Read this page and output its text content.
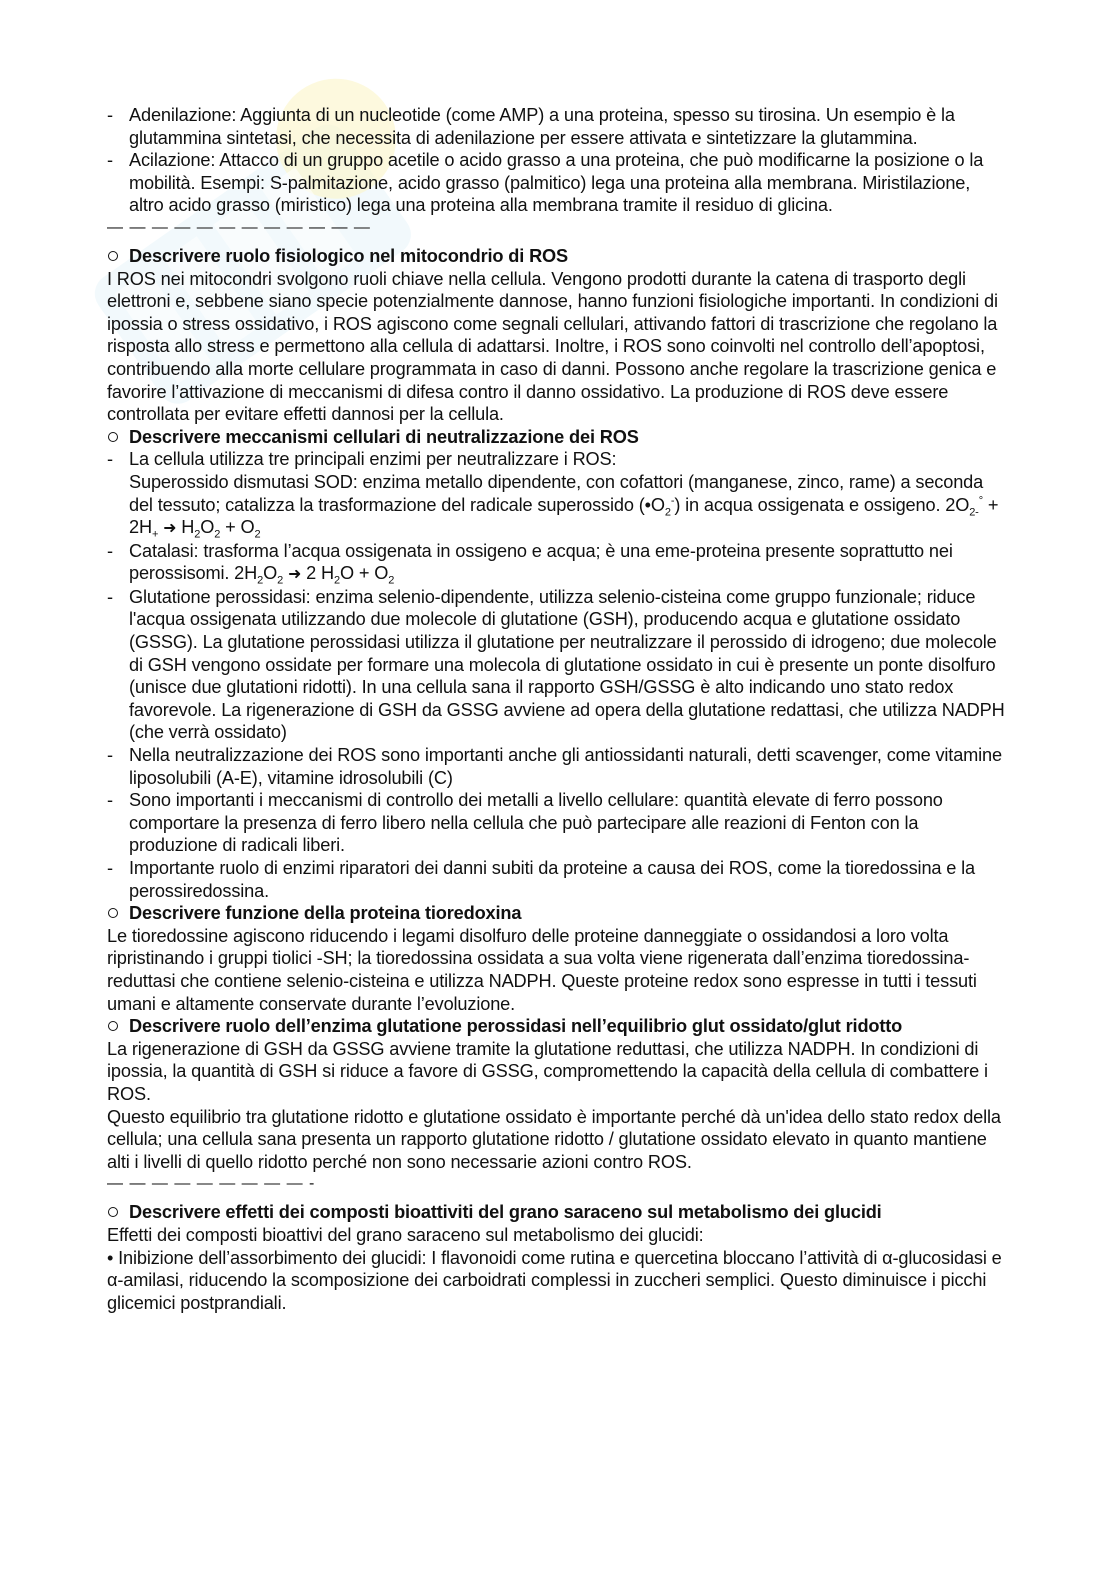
- Adenilazione: Aggiunta di un nucleotide (come AMP) a una proteina, spesso su tirosina. Un esempio è la glutammina sintetasi, che necessita di adenilazione per essere attivata e sintetizzare la glutammina.

- Acilazione: Attacco di un gruppo acetile o acido grasso a una proteina, che può modificarne la posizione o la mobilità. Esempi: S-palmitazione, acido grasso (palmitico) lega una proteina alla membrana. Miristilazione, altro acido grasso (miristico) lega una proteina alla membrana tramite il residuo di glicina.

— — — — — — — — — — — —
Descrivere ruolo fisiologico nel mitocondrio di ROS

I ROS nei mitocondri svolgono ruoli chiave nella cellula. Vengono prodotti durante la catena di trasporto degli elettroni e, sebbene siano specie potenzialmente dannose, hanno funzioni fisiologiche importanti. In condizioni di ipossia o stress ossidativo, i ROS agiscono come segnali cellulari, attivando fattori di trascrizione che regolano la risposta allo stress e permettono alla cellula di adattarsi. Inoltre, i ROS sono coinvolti nel controllo dell’apoptosi, contribuendo alla morte cellulare programmata in caso di danni. Possono anche regolare la trascrizione genica e favorire l’attivazione di meccanismi di difesa contro il danno ossidativo. La produzione di ROS deve essere controllata per evitare effetti dannosi per la cellula.

Descrivere meccanismi cellulari di neutralizzazione dei ROS
- La cellula utilizza tre principali enzimi per neutralizzare i ROS:
Superossido dismutasi SOD: enzima metallo dipendente, con cofattori (manganese, zinco, rame) a seconda del tessuto; catalizza la trasformazione del radicale superossido $(•O_2^-)$ in acqua ossigenata e ossigeno. $2O_{2-}^\circ + 2H_+$ ➜ $H_2O_2 + O_2$

- Catalasi: trasforma l’acqua ossigenata in ossigeno e acqua; è una eme-proteina presente soprattutto nei perossisomi. $2H_2O_2$ ➜ 2 $H_2O + O_2$

- Glutatione perossidasi: enzima selenio-dipendente, utilizza selenio-cisteina come gruppo funzionale; riduce l'acqua ossigenata utilizzando due molecole di glutatione (GSH), producendo acqua e glutatione ossidato (GSSG). La glutatione perossidasi utilizza il glutatione per neutralizzare il perossido di idrogeno; due molecole di GSH vengono ossidate per formare una molecola di glutatione ossidato in cui è presente un ponte disolfuro (unisce due glutationi ridotti). In una cellula sana il rapporto GSH/GSSG è alto indicando uno stato redox favorevole. La rigenerazione di GSH da GSSG avviene ad opera della glutatione redattasi, che utilizza NADPH (che verrà ossidato)

- Nella neutralizzazione dei ROS sono importanti anche gli antiossidanti naturali, detti scavenger, come vitamine liposolubili (A-E), vitamine idrosolubili (C)

- Sono importanti i meccanismi di controllo dei metalli a livello cellulare: quantità elevate di ferro possono comportare la presenza di ferro libero nella cellula che può partecipare alle reazioni di Fenton con la produzione di radicali liberi.

- Importante ruolo di enzimi riparatori dei danni subiti da proteine a causa dei ROS, come la tioredossina e la perossiredossina.

Descrivere funzione della proteina tioredoxina

Le tioredossine agiscono riducendo i legami disolfuro delle proteine danneggiate o ossidandosi a loro volta ripristinando i gruppi tiolici -SH; la tioredossina ossidata a sua volta viene rigenerata dall’enzima tioredossina-reduttasi che contiene selenio-cisteina e utilizza NADPH. Queste proteine redox sono espresse in tutti i tessuti umani e altamente conservate durante l’evoluzione.

Descrivere ruolo dell’enzima glutatione perossidasi nell’equilibrio glut ossidato/glut ridotto

La rigenerazione di GSH da GSSG avviene tramite la glutatione reduttasi, che utilizza NADPH. In condizioni di ipossia, la quantità di GSH si riduce a favore di GSSG, compromettendo la capacità della cellula di combattere i ROS.

Questo equilibrio tra glutatione ridotto e glutatione ossidato è importante perché dà un'idea dello stato redox della cellula; una cellula sana presenta un rapporto glutatione ridotto / glutatione ossidato elevato in quanto mantiene alti i livelli di quello ridotto perché non sono necessarie azioni contro ROS.

— — — — — — — — — -
Descrivere effetti dei composti bioattiviti del grano saraceno sul metabolismo dei glucidi

Effetti dei composti bioattivi del grano saraceno sul metabolismo dei glucidi:

• Inibizione dell’assorbimento dei glucidi: I flavonoidi come rutina e quercetina bloccano l’attività di α-glucosidasi e α-amilasi, riducendo la scomposizione dei carboidrati complessi in zuccheri semplici. Questo diminuisce i picchi glicemici postprandiali.
